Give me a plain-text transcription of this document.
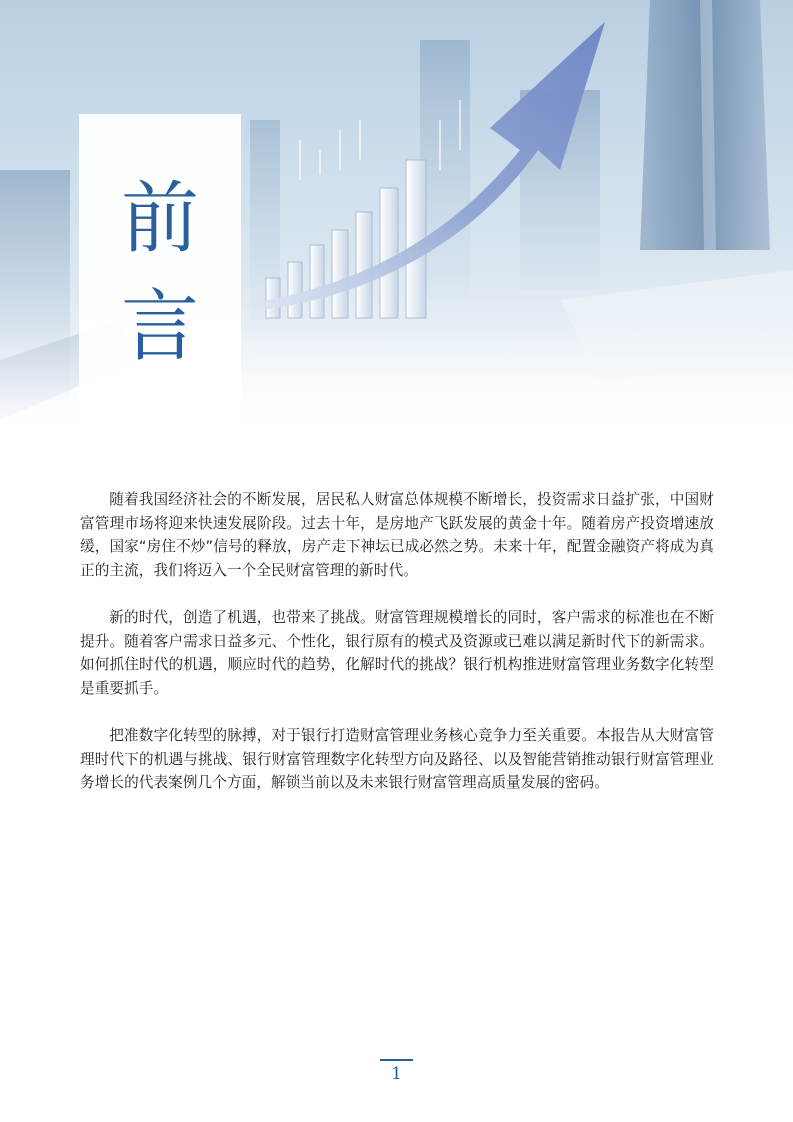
前
言

随着我国经济社会的不断发展，居民私人财富总体规模不断增长，投资需求日益扩张，中国财富管理市场将迎来快速发展阶段。过去十年，是房地产飞跃发展的黄金十年。随着房产投资增速放缓，国家“房住不炒”信号的释放，房产走下神坛已成必然之势。未来十年，配置金融资产将成为真正的主流，我们将迈入一个全民财富管理的新时代。

新的时代，创造了机遇，也带来了挑战。财富管理规模增长的同时，客户需求的标准也在不断提升。随着客户需求日益多元、个性化，银行原有的模式及资源或已难以满足新时代下的新需求。如何抓住时代的机遇，顺应时代的趋势，化解时代的挑战？银行机构推进财富管理业务数字化转型是重要抓手。

把准数字化转型的脉搏，对于银行打造财富管理业务核心竞争力至关重要。本报告从大财富管理时代下的机遇与挑战、银行财富管理数字化转型方向及路径、以及智能营销推动银行财富管理业务增长的代表案例几个方面，解锁当前以及未来银行财富管理高质量发展的密码。

1
